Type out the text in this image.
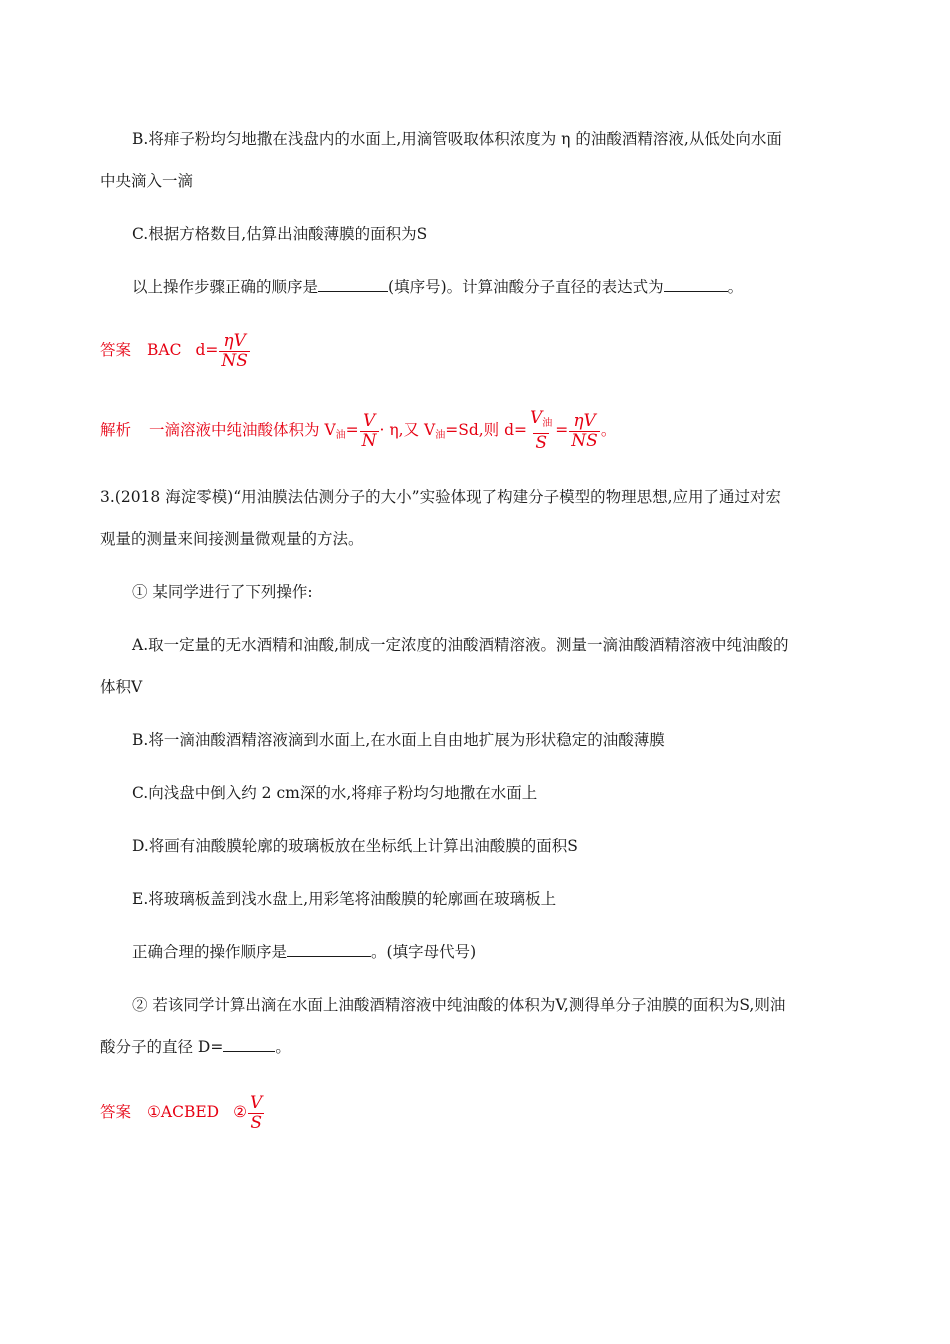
B.将痱子粉均匀地撒在浅盘内的水面上,用滴管吸取体积浓度为 η 的油酸酒精溶液,从低处向水面
中央滴入一滴
C.根据方格数目,估算出油酸薄膜的面积为S
以上操作步骤正确的顺序是	(填序号)。计算油酸分子直径的表达式为	。
答案 BAC $d= \frac{\eta V}{NS}$
解析 一滴溶液中纯油酸体积为 $V_油= \frac{V}{N} \cdot \eta$,又 $V_油=Sd$,则 $d= \frac{V_油}{S} = \frac{\eta V}{NS}$ 。
3.(2018 海淀零模)“用油膜法估测分子的大小”实验体现了构建分子模型的物理思想,应用了通过对宏
观量的测量来间接测量微观量的方法。
① 某同学进行了下列操作:
A.取一定量的无水酒精和油酸,制成一定浓度的油酸酒精溶液。测量一滴油酸酒精溶液中纯油酸的
体积V
B.将一滴油酸酒精溶液滴到水面上,在水面上自由地扩展为形状稳定的油酸薄膜
C.向浅盘中倒入约 2 cm深的水,将痱子粉均匀地撒在水面上
D.将画有油酸膜轮廓的玻璃板放在坐标纸上计算出油酸膜的面积S
E.将玻璃板盖到浅水盘上,用彩笔将油酸膜的轮廓画在玻璃板上
正确合理的操作顺序是	。(填字母代号)
② 若该同学计算出滴在水面上油酸酒精溶液中纯油酸的体积为V,测得单分子油膜的面积为S,则油
酸分子的直径 D=	。
答案 ①ACBED ② $\frac{V}{S}$
